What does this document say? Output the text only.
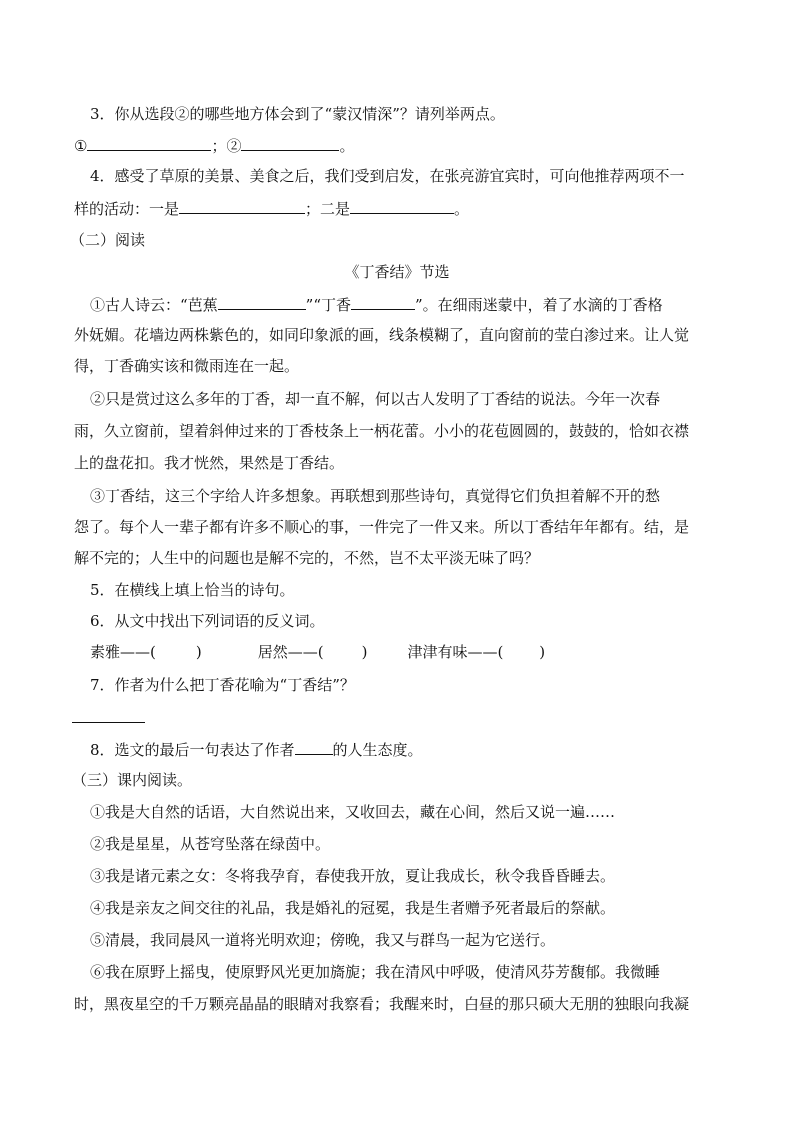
3．你从选段②的哪些地方体会到了“蒙汉情深”？请列举两点。
①	；②	。
4．感受了草原的美景、美食之后，我们受到启发，在张亮游宜宾时，可向他推荐两项不一
样的活动：一是	；二是	。
（二）阅读
《丁香结》节选
①古人诗云：“芭蕉	”“丁香	”。在细雨迷蒙中，着了水滴的丁香格
外妩媚。花墙边两株紫色的，如同印象派的画，线条模糊了，直向窗前的莹白渗过来。让人觉
得，丁香确实该和微雨连在一起。
②只是赏过这么多年的丁香，却一直不解，何以古人发明了丁香结的说法。今年一次春
雨，久立窗前，望着斜伸过来的丁香枝条上一柄花蕾。小小的花苞圆圆的，鼓鼓的，恰如衣襟
上的盘花扣。我才恍然，果然是丁香结。
③丁香结，这三个字给人许多想象。再联想到那些诗句，真觉得它们负担着解不开的愁
怨了。每个人一辈子都有许多不顺心的事，一件完了一件又来。所以丁香结年年都有。结，是
解不完的；人生中的问题也是解不完的，不然，岂不太平淡无味了吗？
5．在横线上填上恰当的诗句。
6．从文中找出下列词语的反义词。
素雅——(	)	居然——(	)	津津有味——( )
7．作者为什么把丁香花喻为“丁香结”？
8．选文的最后一句表达了作者	的人生态度。
（三）课内阅读。
①我是大自然的话语，大自然说出来，又收回去，藏在心间，然后又说一遍……
②我是星星，从苍穹坠落在绿茵中。
③我是诸元素之女：冬将我孕育，春使我开放，夏让我成长，秋令我昏昏睡去。
④我是亲友之间交往的礼品，我是婚礼的冠冕，我是生者赠予死者最后的祭献。
⑤清晨，我同晨风一道将光明欢迎；傍晚，我又与群鸟一起为它送行。
⑥我在原野上摇曳，使原野风光更加旖旎；我在清风中呼吸，使清风芬芳馥郁。我微睡
时，黑夜星空的千万颗亮晶晶的眼睛对我察看；我醒来时，白昼的那只硕大无朋的独眼向我凝
